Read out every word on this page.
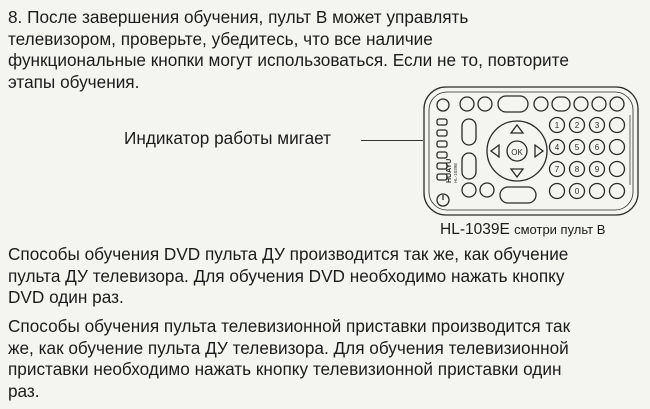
8. После завершения обучения, пульт В может управлять
телевизором, проверьте, убедитесь, что все наличие
функциональные кнопки могут использоваться. Если не то, повторите
этапы обучения.
Индикатор работы мигает
OK
HUAYU HL-1039E
1 2 3
4 5 6
7 8 9
0
HL-1039E смотри пульт В
Способы обучения DVD пульта ДУ производится так же, как обучение
пульта ДУ телевизора. Для обучения DVD необходимо нажать кнопку
DVD один раз.
Способы обучения пульта телевизионной приставки производится так
же, как обучение пульта ДУ телевизора. Для обучения телевизионной
приставки необходимо нажать кнопку телевизионной приставки один
раз.
